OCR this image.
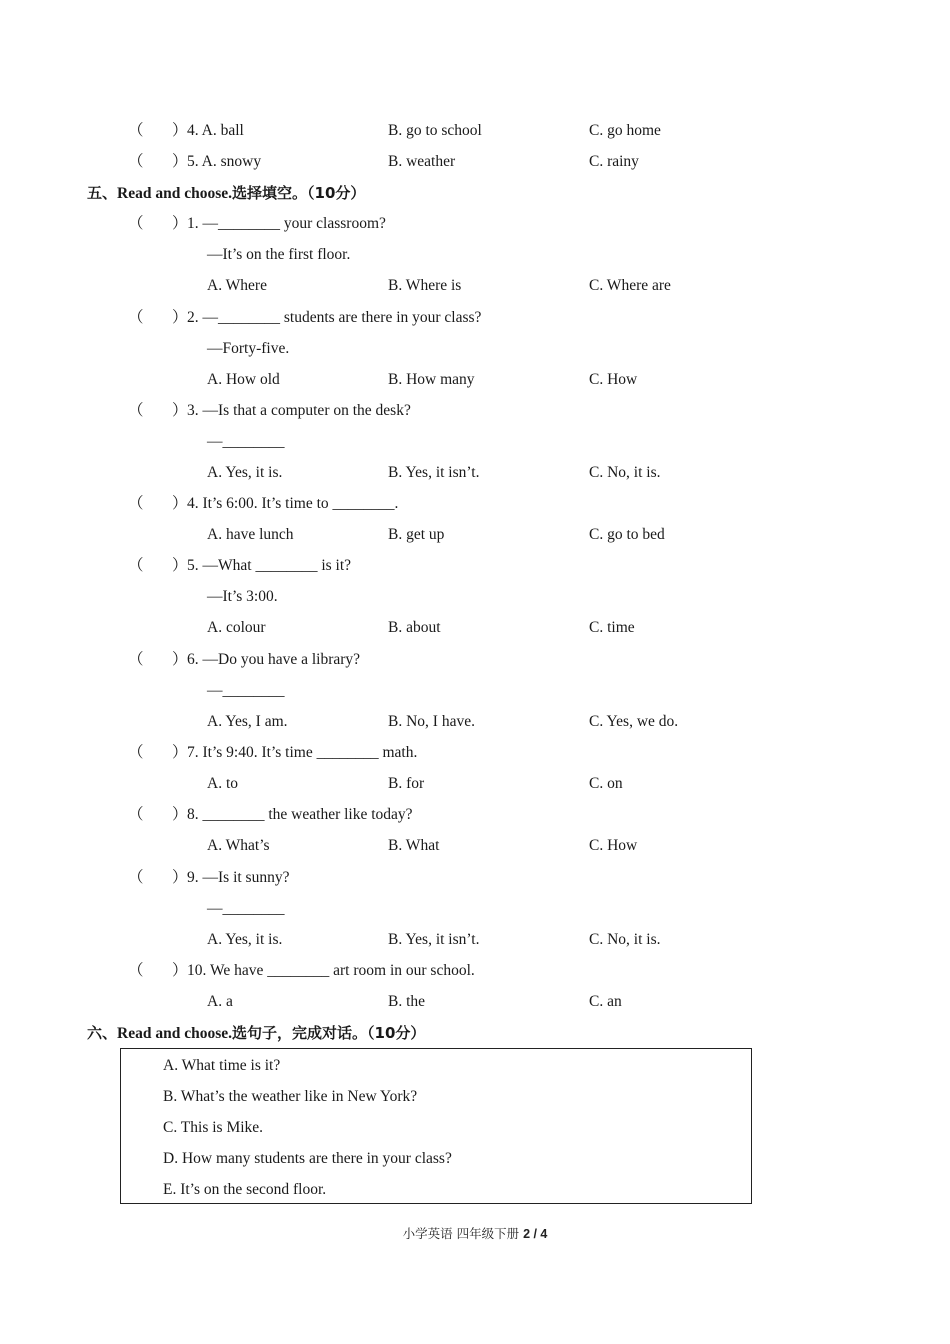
（ ） 4. A. ball	B. go to school	C. go home
（ ） 5. A. snowy	B. weather	C. rainy
五、Read and choose.选择填空。（10分）
（ ） 1. —________ your classroom?
—It’s on the first floor.
A. Where	B. Where is	C. Where are
（ ） 2. —________ students are there in your class?
—Forty-five.
A. How old	B. How many	C. How
（ ） 3. —Is that a computer on the desk?
—________
A. Yes, it is.	B. Yes, it isn’t.	C. No, it is.
（ ） 4. It’s 6:00. It’s time to ________.
A. have lunch	B. get up	C. go to bed
（ ） 5. —What ________ is it?
—It’s 3:00.
A. colour	B. about	C. time
（ ） 6. —Do you have a library?
—________
A. Yes, I am.	B. No, I have.	C. Yes, we do.
（ ） 7. It’s 9:40. It’s time ________ math.
A. to	B. for	C. on
（ ） 8. ________ the weather like today?
A. What’s	B. What	C. How
（ ） 9. —Is it sunny?
—________
A. Yes, it is.	B. Yes, it isn’t.	C. No, it is.
（ ） 10. We have ________ art room in our school.
A. a	B. the	C. an
六、Read and choose.选句子，完成对话。（10分）
A. What time is it?
B. What’s the weather like in New York?
C. This is Mike.
D. How many students are there in your class?
E. It’s on the second floor.
小学英语 四年级下册 2 / 4
